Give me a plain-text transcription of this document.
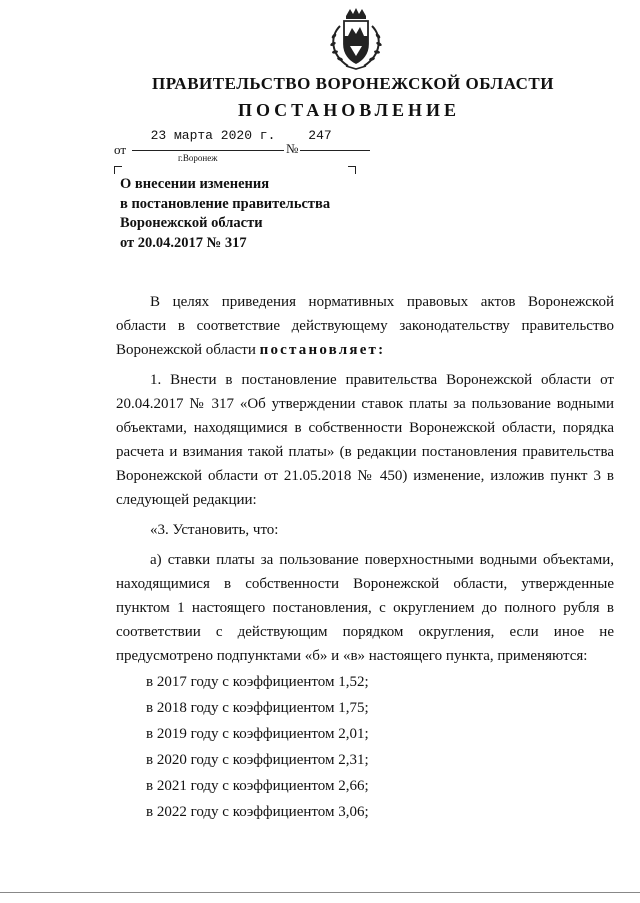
ПРАВИТЕЛЬСТВО ВОРОНЕЖСКОЙ ОБЛАСТИ
ПОСТАНОВЛЕНИЕ
от
23 марта 2020 г.
№
247
г.Воронеж
О внесении изменения
в постановление правительства
Воронежской области
от 20.04.2017 № 317

В целях приведения нормативных правовых актов Воронежской области в соответствие действующему законодательству правительство Воронежской области постановляет:

1. Внести в постановление правительства Воронежской области от 20.04.2017 № 317 «Об утверждении ставок платы за пользование водными объектами, находящимися в собственности Воронежской области, порядка расчета и взимания такой платы» (в редакции постановления правительства Воронежской области от 21.05.2018 № 450) изменение, изложив пункт 3 в следующей редакции:

«3. Установить, что:

а) ставки платы за пользование поверхностными водными объектами, находящимися в собственности Воронежской области, утвержденные пунктом 1 настоящего постановления, с округлением до полного рубля в соответствии с действующим порядком округления, если иное не предусмотрено подпунктами «б» и «в» настоящего пункта, применяются:

в 2017 году с коэффициентом 1,52;

в 2018 году с коэффициентом 1,75;

в 2019 году с коэффициентом 2,01;

в 2020 году с коэффициентом 2,31;

в 2021 году с коэффициентом 2,66;

в 2022 году с коэффициентом 3,06;
